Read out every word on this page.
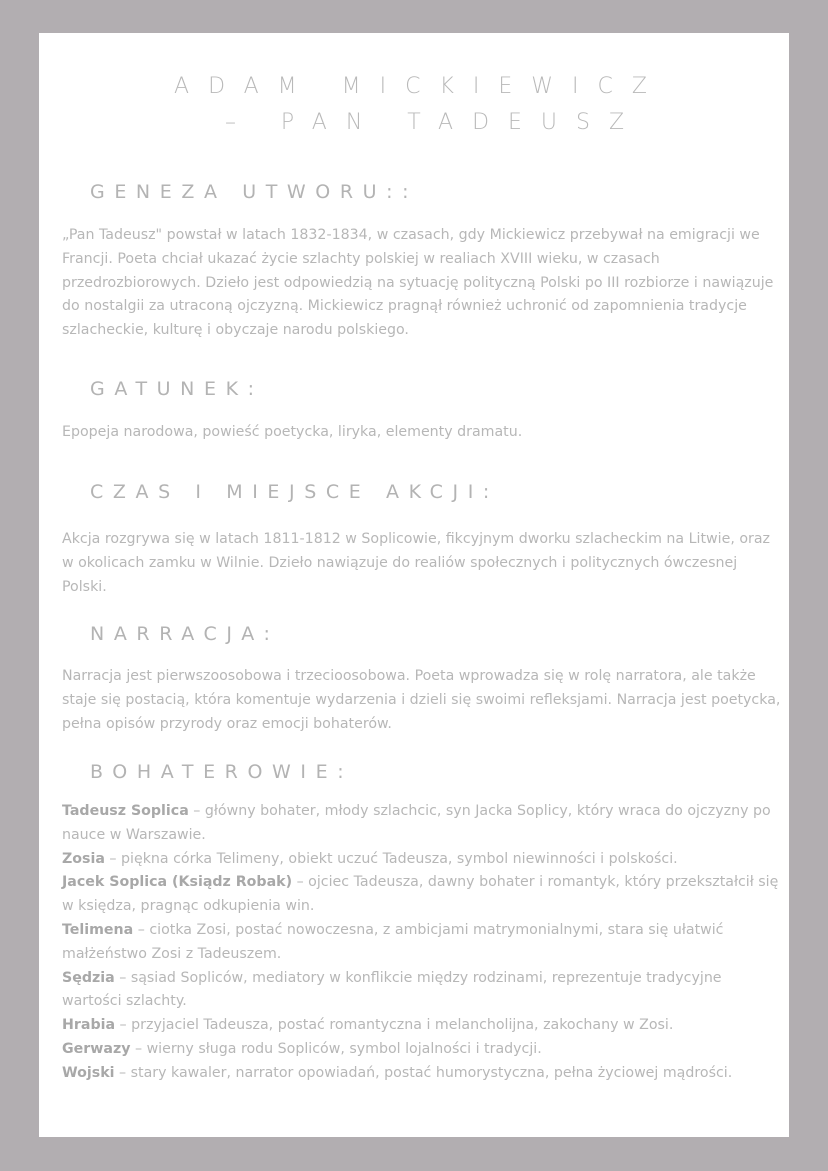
ADAM MICKIEWICZ
– PAN TADEUSZ
GENEZA UTWORU::

„Pan Tadeusz" powstał w latach 1832-1834, w czasach, gdy Mickiewicz przebywał na emigracji we Francji. Poeta chciał ukazać życie szlachty polskiej w realiach XVIII wieku, w czasach przedrozbiorowych. Dzieło jest odpowiedzią na sytuację polityczną Polski po III rozbiorze i nawiązuje do nostalgii za utraconą ojczyzną. Mickiewicz pragnął również uchronić od zapomnienia tradycje szlacheckie, kulturę i obyczaje narodu polskiego.

GATUNEK:

Epopeja narodowa, powieść poetycka, liryka, elementy dramatu.

CZAS I MIEJSCE AKCJI:

Akcja rozgrywa się w latach 1811-1812 w Soplicowie, fikcyjnym dworku szlacheckim na Litwie, oraz w okolicach zamku w Wilnie. Dzieło nawiązuje do realiów społecznych i politycznych ówczesnej Polski.

NARRACJA:

Narracja jest pierwszoosobowa i trzecioosobowa. Poeta wprowadza się w rolę narratora, ale także staje się postacią, która komentuje wydarzenia i dzieli się swoimi refleksjami. Narracja jest poetycka, pełna opisów przyrody oraz emocji bohaterów.

BOHATEROWIE:
Tadeusz Soplica – główny bohater, młody szlachcic, syn Jacka Soplicy, który wraca do ojczyzny po nauce w Warszawie.
Zosia – piękna córka Telimeny, obiekt uczuć Tadeusza, symbol niewinności i polskości.
Jacek Soplica (Ksiądz Robak) – ojciec Tadeusza, dawny bohater i romantyk, który przekształcił się w księdza, pragnąc odkupienia win.
Telimena – ciotka Zosi, postać nowoczesna, z ambicjami matrymonialnymi, stara się ułatwić małżeństwo Zosi z Tadeuszem.
Sędzia – sąsiad Sopliców, mediatory w konflikcie między rodzinami, reprezentuje tradycyjne wartości szlachty.
Hrabia – przyjaciel Tadeusza, postać romantyczna i melancholijna, zakochany w Zosi.
Gerwazy – wierny sługa rodu Sopliców, symbol lojalności i tradycji.
Wojski – stary kawaler, narrator opowiadań, postać humorystyczna, pełna życiowej mądrości.
